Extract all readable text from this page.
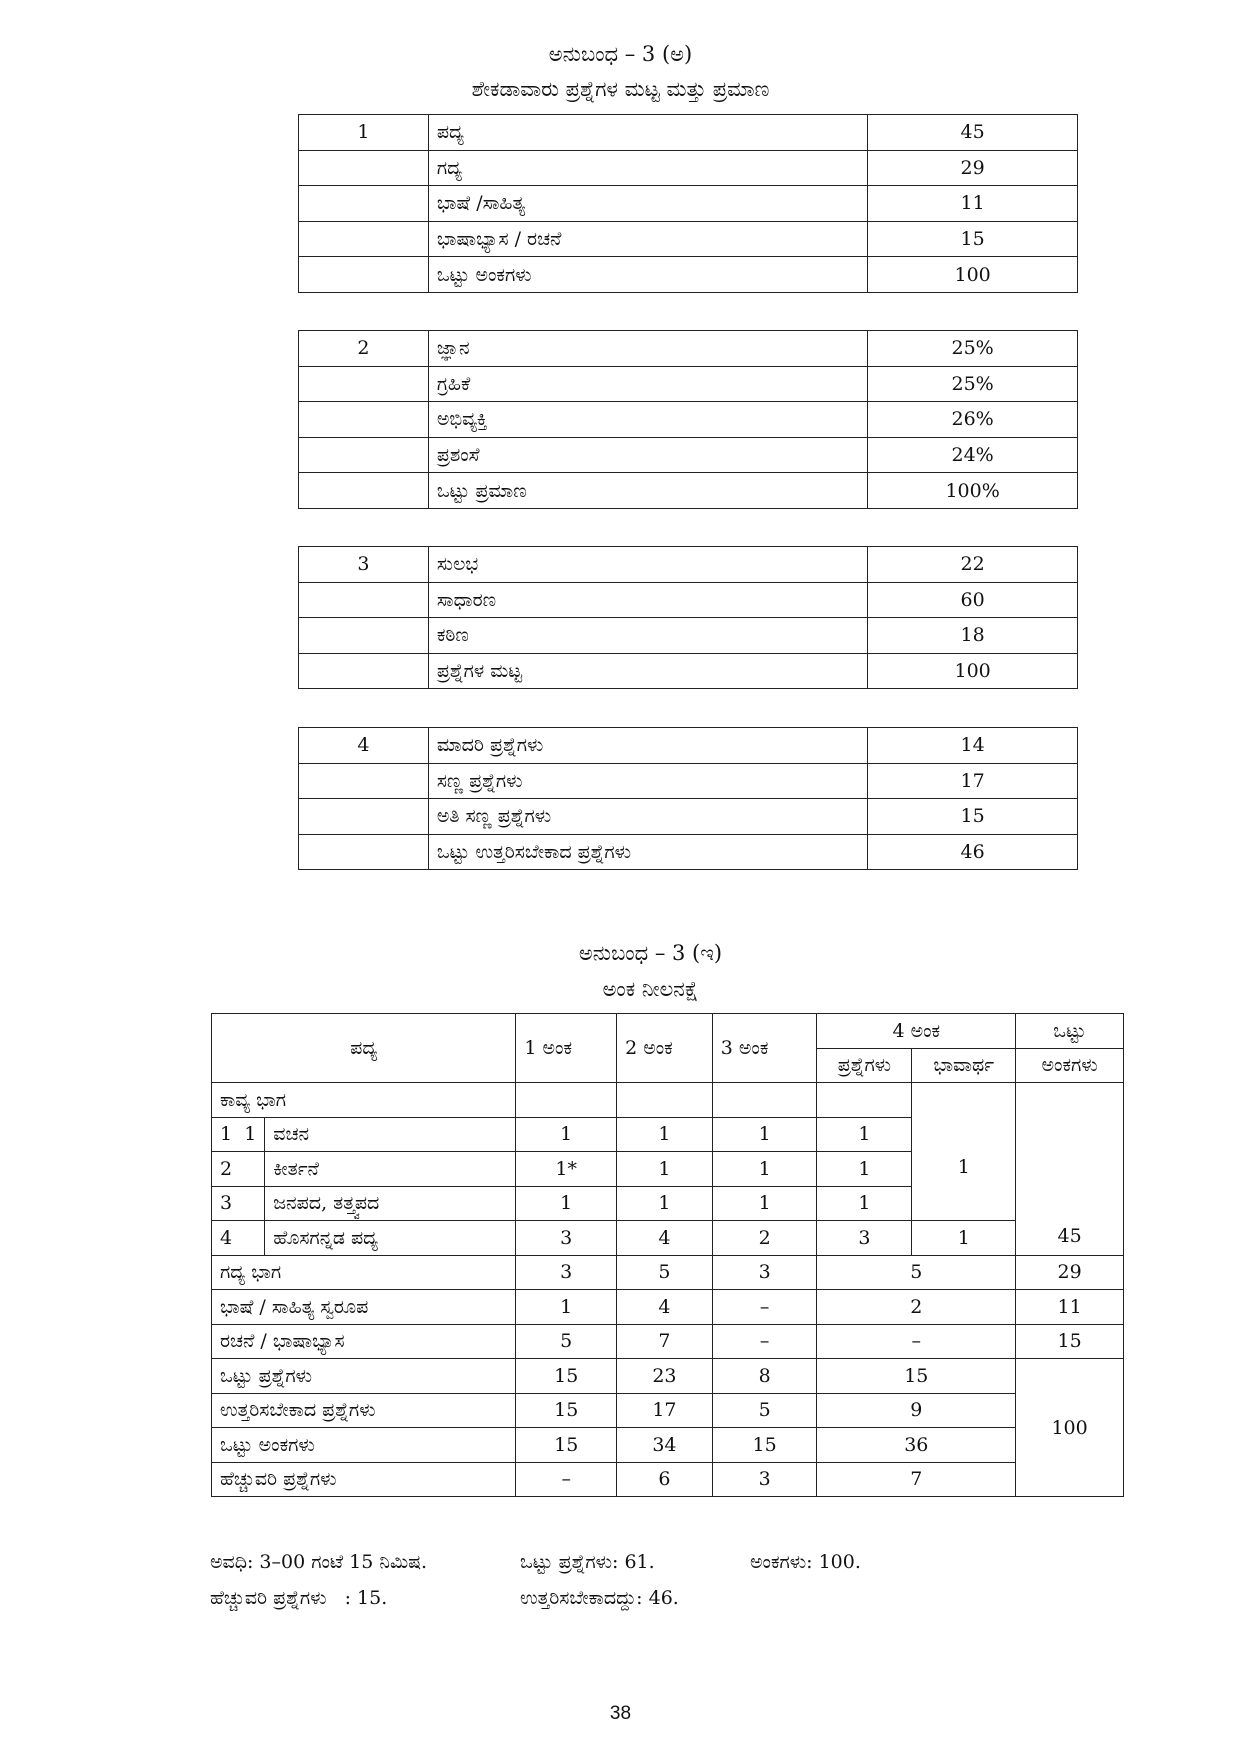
ಅನುಬಂಧ – 3 (ಅ)
ಶೇಕಡಾವಾರು ಪ್ರಶ್ನೆಗಳ ಮಟ್ಟ ಮತ್ತು ಪ್ರಮಾಣ
1	ಪದ್ಯ	45
	ಗದ್ಯ	29
	ಭಾಷೆ /ಸಾಹಿತ್ಯ	11
	ಭಾಷಾಭ್ಯಾಸ / ರಚನೆ	15
	ಒಟ್ಟು ಅಂಕಗಳು	100
2	ಜ್ಞಾನ	25%
	ಗ್ರಹಿಕೆ	25%
	ಅಭಿವ್ಯಕ್ತಿ	26%
	ಪ್ರಶಂಸೆ	24%
	ಒಟ್ಟು ಪ್ರಮಾಣ	100%
3	ಸುಲಭ	22
	ಸಾಧಾರಣ	60
	ಕಠಿಣ	18
	ಪ್ರಶ್ನೆಗಳ ಮಟ್ಟ	100
4	ಮಾದರಿ ಪ್ರಶ್ನೆಗಳು	14
	ಸಣ್ಣ ಪ್ರಶ್ನೆಗಳು	17
	ಅತಿ ಸಣ್ಣ ಪ್ರಶ್ನೆಗಳು	15
	ಒಟ್ಟು ಉತ್ತರಿಸಬೇಕಾದ ಪ್ರಶ್ನೆಗಳು	46
ಅನುಬಂಧ – 3 (ಇ)
ಅಂಕ ನೀಲನಕ್ಷೆ
ಪದ್ಯ		1 ಅಂಕ	2 ಅಂಕ	3 ಅಂಕ	4 ಅಂಕ		ಒಟ್ಟು
					ಪ್ರಶ್ನೆಗಳು	ಭಾವಾರ್ಥ	ಅಂಕಗಳು
ಕಾವ್ಯ ಭಾಗ						1	45
1 1	ವಚನ	1	1	1	1		
2	ಕೀರ್ತನೆ	1*	1	1	1		
3	ಜನಪದ, ತತ್ತ್ವಪದ	1	1	1	1		
4	ಹೊಸಗನ್ನಡ ಪದ್ಯ	3	4	2	3	1	
ಗದ್ಯ ಭಾಗ		3	5	3	5		29
ಭಾಷೆ / ಸಾಹಿತ್ಯ ಸ್ವರೂಪ		1	4	–	2		11
ರಚನೆ / ಭಾಷಾಭ್ಯಾಸ		5	7	–	–		15
ಒಟ್ಟು ಪ್ರಶ್ನೆಗಳು		15	23	8	15		100
ಉತ್ತರಿಸಬೇಕಾದ ಪ್ರಶ್ನೆಗಳು		15	17	5	9		
ಒಟ್ಟು ಅಂಕಗಳು		15	34	15	36		
ಹೆಚ್ಚುವರಿ ಪ್ರಶ್ನೆಗಳು		–	6	3	7		
ಅವಧಿ: 3–00 ಗಂಟೆ 15 ನಿಮಿಷ.	ಒಟ್ಟು ಪ್ರಶ್ನೆಗಳು: 61.	ಅಂಕಗಳು: 100.
ಹೆಚ್ಚುವರಿ ಪ್ರಶ್ನೆಗಳು   : 15.	ಉತ್ತರಿಸಬೇಕಾದದ್ದು: 46.
38
